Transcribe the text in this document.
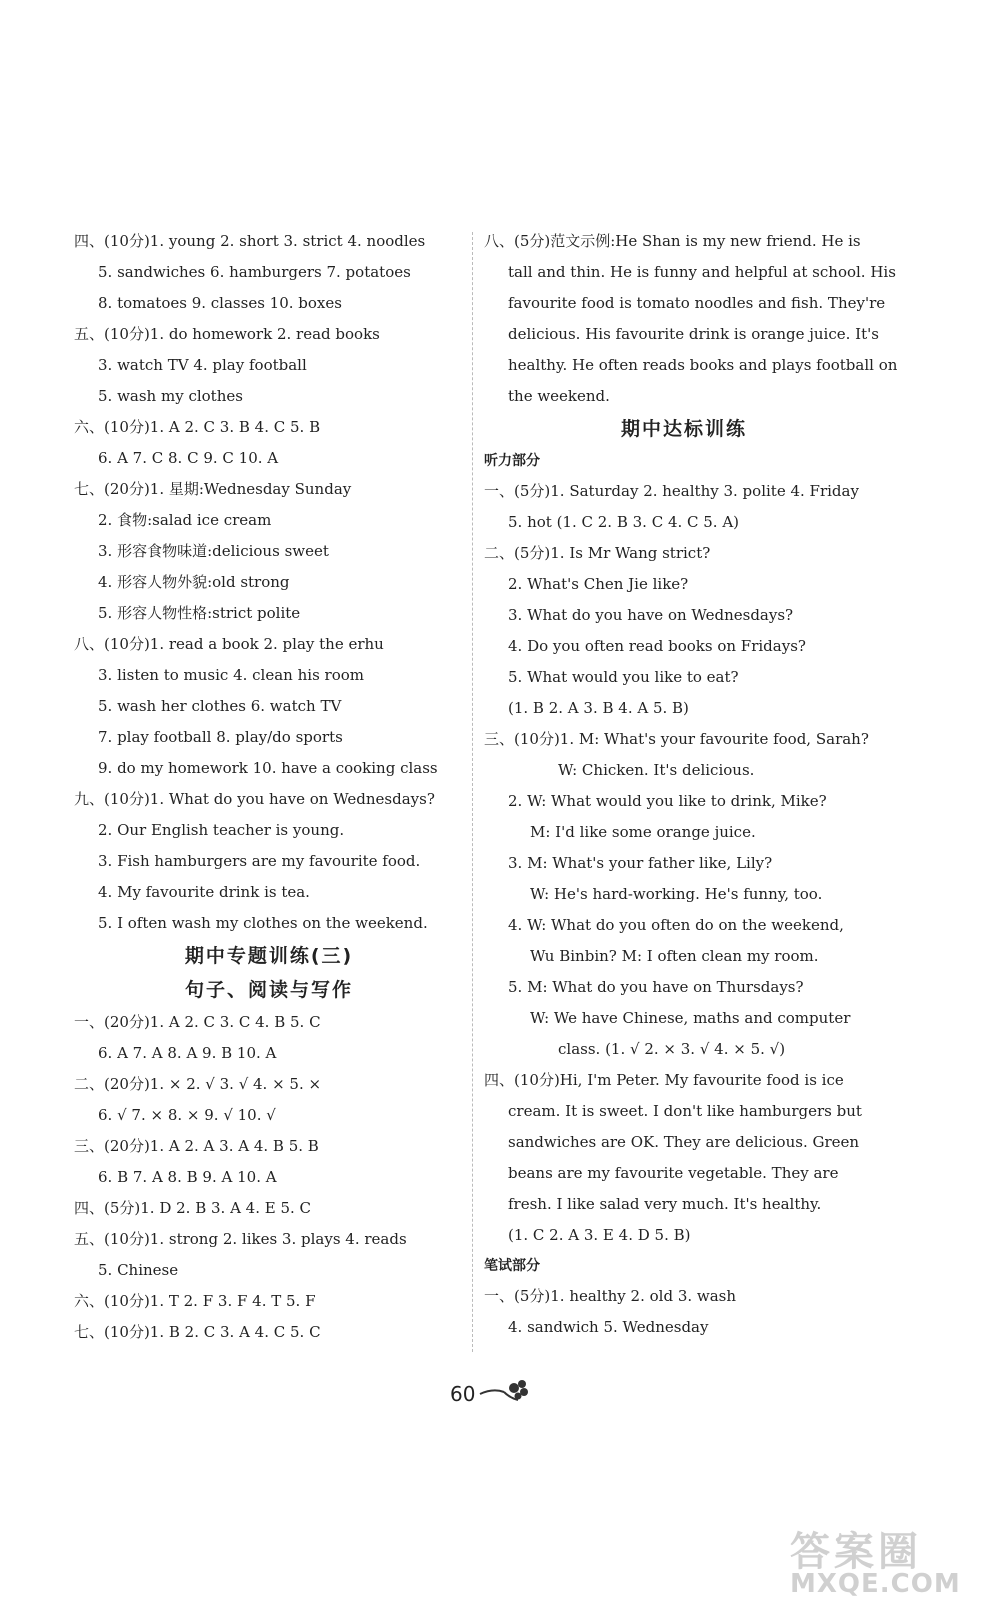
四、(10分)1. young 2. short 3. strict 4. noodles
5. sandwiches 6. hamburgers 7. potatoes
8. tomatoes 9. classes 10. boxes
五、(10分)1. do homework 2. read books
3. watch TV 4. play football
5. wash my clothes
六、(10分)1. A 2. C 3. B 4. C 5. B
6. A 7. C 8. C 9. C 10. A
七、(20分)1. 星期:Wednesday Sunday
2. 食物:salad ice cream
3. 形容食物味道:delicious sweet
4. 形容人物外貌:old strong
5. 形容人物性格:strict polite
八、(10分)1. read a book 2. play the erhu
3. listen to music 4. clean his room
5. wash her clothes 6. watch TV
7. play football 8. play/do sports
9. do my homework 10. have a cooking class
九、(10分)1. What do you have on Wednesdays?
2. Our English teacher is young.
3. Fish hamburgers are my favourite food.
4. My favourite drink is tea.
5. I often wash my clothes on the weekend.
期中专题训练(三)
句子、阅读与写作
一、(20分)1. A 2. C 3. C 4. B 5. C
6. A 7. A 8. A 9. B 10. A
二、(20分)1. × 2. √ 3. √ 4. × 5. ×
6. √ 7. × 8. × 9. √ 10. √
三、(20分)1. A 2. A 3. A 4. B 5. B
6. B 7. A 8. B 9. A 10. A
四、(5分)1. D 2. B 3. A 4. E 5. C
五、(10分)1. strong 2. likes 3. plays 4. reads
5. Chinese
六、(10分)1. T 2. F 3. F 4. T 5. F
七、(10分)1. B 2. C 3. A 4. C 5. C
八、(5分)范文示例:He Shan is my new friend. He is
tall and thin. He is funny and helpful at school. His
favourite food is tomato noodles and fish. They're
delicious. His favourite drink is orange juice. It's
healthy. He often reads books and plays football on
the weekend.
期中达标训练
听力部分
一、(5分)1. Saturday 2. healthy 3. polite 4. Friday
5. hot (1. C 2. B 3. C 4. C 5. A)
二、(5分)1. Is Mr Wang strict?
2. What's Chen Jie like?
3. What do you have on Wednesdays?
4. Do you often read books on Fridays?
5. What would you like to eat?
(1. B 2. A 3. B 4. A 5. B)
三、(10分)1. M: What's your favourite food, Sarah?
W: Chicken. It's delicious.
2. W: What would you like to drink, Mike?
M: I'd like some orange juice.
3. M: What's your father like, Lily?
W: He's hard-working. He's funny, too.
4. W: What do you often do on the weekend,
Wu Binbin? M: I often clean my room.
5. M: What do you have on Thursdays?
W: We have Chinese, maths and computer
class. (1. √ 2. × 3. √ 4. × 5. √)
四、(10分)Hi, I'm Peter. My favourite food is ice
cream. It is sweet. I don't like hamburgers but
sandwiches are OK. They are delicious. Green
beans are my favourite vegetable. They are
fresh. I like salad very much. It's healthy.
(1. C 2. A 3. E 4. D 5. B)
笔试部分
一、(5分)1. healthy 2. old 3. wash
4. sandwich 5. Wednesday
60
答案圈
MXQE.COM
